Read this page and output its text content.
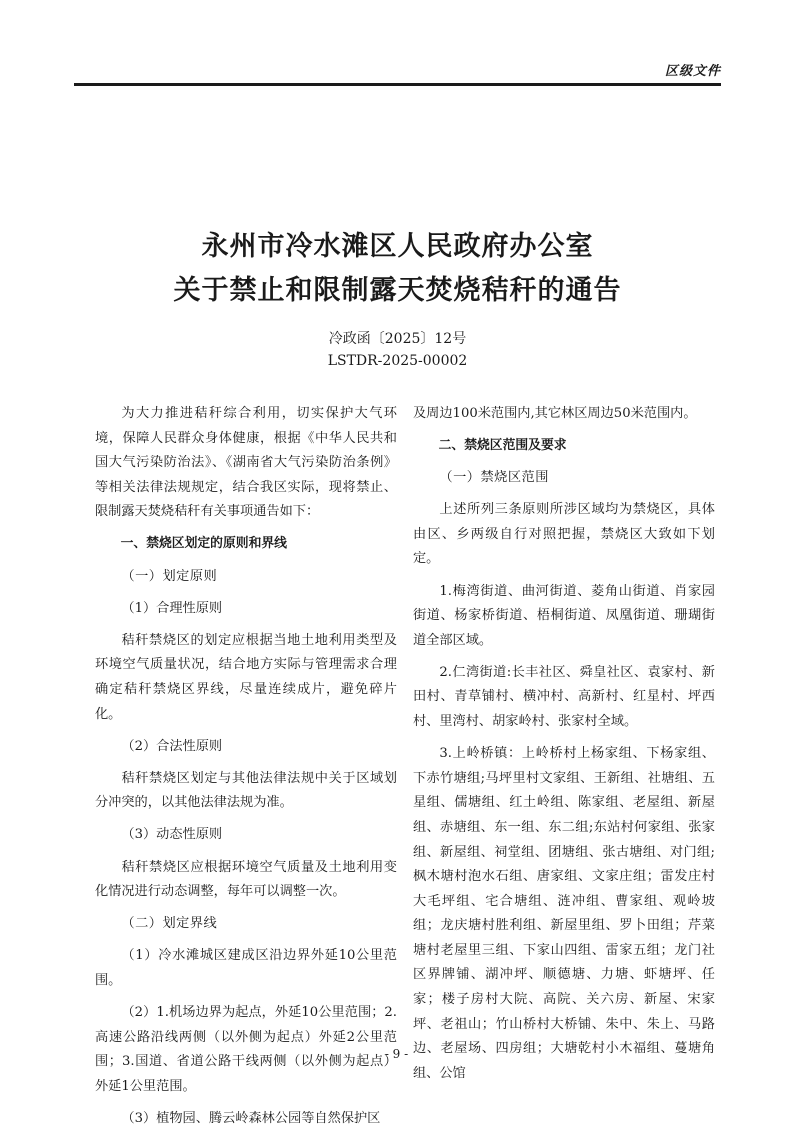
区级文件
永州市冷水滩区人民政府办公室
关于禁止和限制露天焚烧秸秆的通告
冷政函〔2025〕12号
LSTDR-2025-00002

为大力推进秸秆综合利用，切实保护大气环境，保障人民群众身体健康，根据《中华人民共和国大气污染防治法》、《湖南省大气污染防治条例》等相关法律法规规定，结合我区实际，现将禁止、限制露天焚烧秸秆有关事项通告如下：

一、禁烧区划定的原则和界线

（一）划定原则

（1）合理性原则

秸秆禁烧区的划定应根据当地土地利用类型及环境空气质量状况，结合地方实际与管理需求合理确定秸秆禁烧区界线，尽量连续成片，避免碎片化。

（2）合法性原则

秸秆禁烧区划定与其他法律法规中关于区域划分冲突的，以其他法律法规为准。

（3）动态性原则

秸秆禁烧区应根据环境空气质量及土地利用变化情况进行动态调整，每年可以调整一次。

（二）划定界线

（1）冷水滩城区建成区沿边界外延10公里范围。

（2）1.机场边界为起点，外延10公里范围；2.高速公路沿线两侧（以外侧为起点）外延2公里范围；3.国道、省道公路干线两侧（以外侧为起点）外延1公里范围。

（3）植物园、腾云岭森林公园等自然保护区

及周边100米范围内,其它林区周边50米范围内。

二、禁烧区范围及要求

（一）禁烧区范围

上述所列三条原则所涉区域均为禁烧区，具体由区、乡两级自行对照把握，禁烧区大致如下划定。

1.梅湾街道、曲河街道、菱角山街道、肖家园街道、杨家桥街道、梧桐街道、凤凰街道、珊瑚街道全部区域。

2.仁湾街道:长丰社区、舜皇社区、袁家村、新田村、青草铺村、横冲村、高新村、红星村、坪西村、里湾村、胡家岭村、张家村全域。

3.上岭桥镇：上岭桥村上杨家组、下杨家组、下赤竹塘组;马坪里村文家组、王新组、社塘组、五星组、儒塘组、红土岭组、陈家组、老屋组、新屋组、赤塘组、东一组、东二组;东站村何家组、张家组、新屋组、祠堂组、团塘组、张古塘组、对门组;枫木塘村泡水石组、唐家组、文家庄组；雷发庄村大毛坪组、宅合塘组、涟冲组、曹家组、观岭坡组；龙庆塘村胜利组、新屋里组、罗卜田组；芹菜塘村老屋里三组、下家山四组、雷家五组；龙门社区界牌铺、湖冲坪、顺德塘、力塘、虾塘坪、任家；楼子房村大院、高院、关六房、新屋、宋家坪、老祖山；竹山桥村大桥铺、朱中、朱上、马路边、老屋场、四房组；大塘乾村小木福组、蔓塘角组、公馆

- 9 -
